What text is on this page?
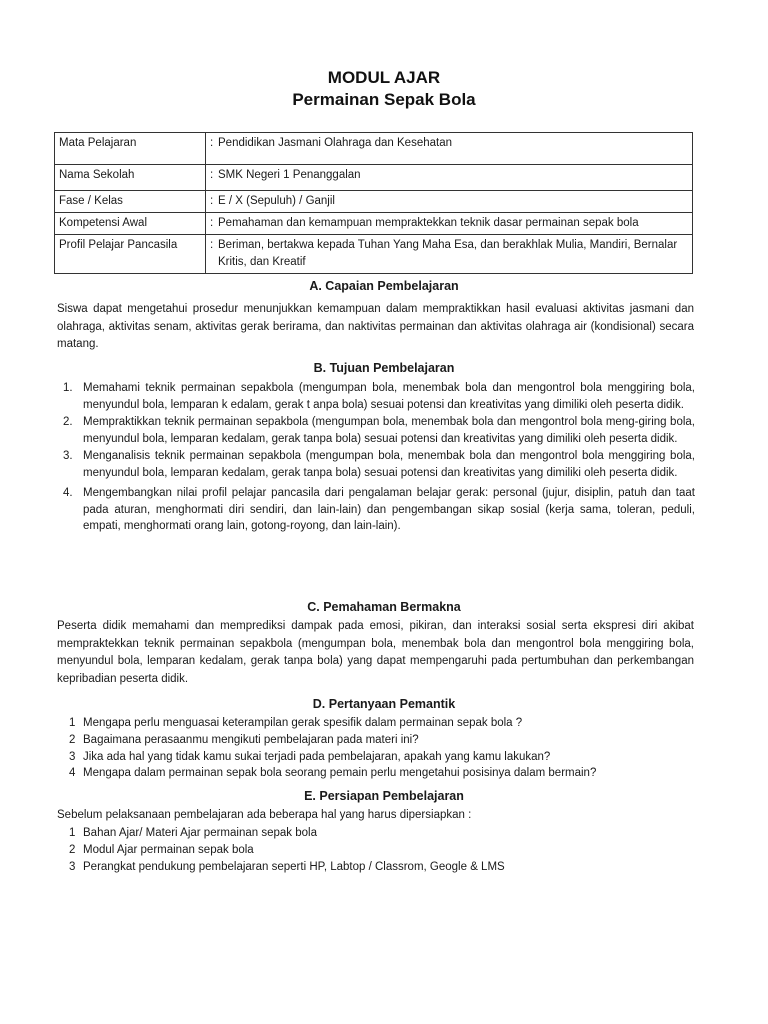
MODUL AJAR
Permainan Sepak Bola
Mata Pelajaran	:	Pendidikan Jasmani Olahraga dan Kesehatan
Nama Sekolah	:	SMK Negeri 1 Penanggalan
Fase / Kelas	:	E / X (Sepuluh) / Ganjil
Kompetensi Awal	:	Pemahaman dan kemampuan mempraktekkan teknik dasar permainan sepak bola
Profil Pelajar Pancasila	:	Beriman, bertakwa kepada Tuhan Yang Maha Esa, dan berakhlak Mulia, Mandiri, Bernalar Kritis, dan Kreatif
A. Capaian Pembelajaran
Siswa dapat mengetahui prosedur menunjukkan kemampuan dalam mempraktikkan hasil evaluasi aktivitas jasmani dan olahraga, aktivitas senam, aktivitas gerak berirama, dan naktivitas permainan dan aktivitas olahraga air (kondisional) secara matang.
B. Tujuan Pembelajaran
1. Memahami teknik permainan sepakbola (mengumpan bola, menembak bola dan mengontrol bola menggiring bola, menyundul bola, lemparan k edalam, gerak t anpa bola) sesuai potensi dan kreativitas yang dimiliki oleh peserta didik.
2. Mempraktikkan teknik permainan sepakbola (mengumpan bola, menembak bola dan mengontrol bola meng-giring bola, menyundul bola, lemparan kedalam, gerak tanpa bola) sesuai potensi dan kreativitas yang dimiliki oleh peserta didik.
3. Menganalisis teknik permainan sepakbola (mengumpan bola, menembak bola dan mengontrol bola menggiring bola, menyundul bola, lemparan kedalam, gerak tanpa bola) sesuai potensi dan kreativitas yang dimiliki oleh peserta didik.
4. Mengembangkan nilai profil pelajar pancasila dari pengalaman belajar gerak: personal (jujur, disiplin, patuh dan taat pada aturan, menghormati diri sendiri, dan lain-lain) dan pengembangan sikap sosial (kerja sama, toleran, peduli, empati, menghormati orang lain, gotong-royong, dan lain-lain).
C. Pemahaman Bermakna
Peserta didik memahami dan memprediksi dampak pada emosi, pikiran, dan interaksi sosial serta ekspresi diri akibat mempraktekkan teknik permainan sepakbola (mengumpan bola, menembak bola dan mengontrol bola menggiring bola, menyundul bola, lemparan kedalam, gerak tanpa bola) yang dapat mempengaruhi pada pertumbuhan dan perkembangan kepribadian peserta didik.
D. Pertanyaan Pemantik
1 Mengapa perlu menguasai keterampilan gerak spesifik dalam permainan sepak bola ?
2 Bagaimana perasaanmu mengikuti pembelajaran pada materi ini?
3 Jika ada hal yang tidak kamu sukai terjadi pada pembelajaran, apakah yang kamu lakukan?
4 Mengapa dalam permainan sepak bola seorang pemain perlu mengetahui posisinya dalam bermain?
E. Persiapan Pembelajaran
Sebelum pelaksanaan pembelajaran ada beberapa hal yang harus dipersiapkan :
1 Bahan Ajar/ Materi Ajar permainan sepak bola
2 Modul Ajar permainan sepak bola
3 Perangkat pendukung pembelajaran seperti HP, Labtop / Classrom, Geogle & LMS
